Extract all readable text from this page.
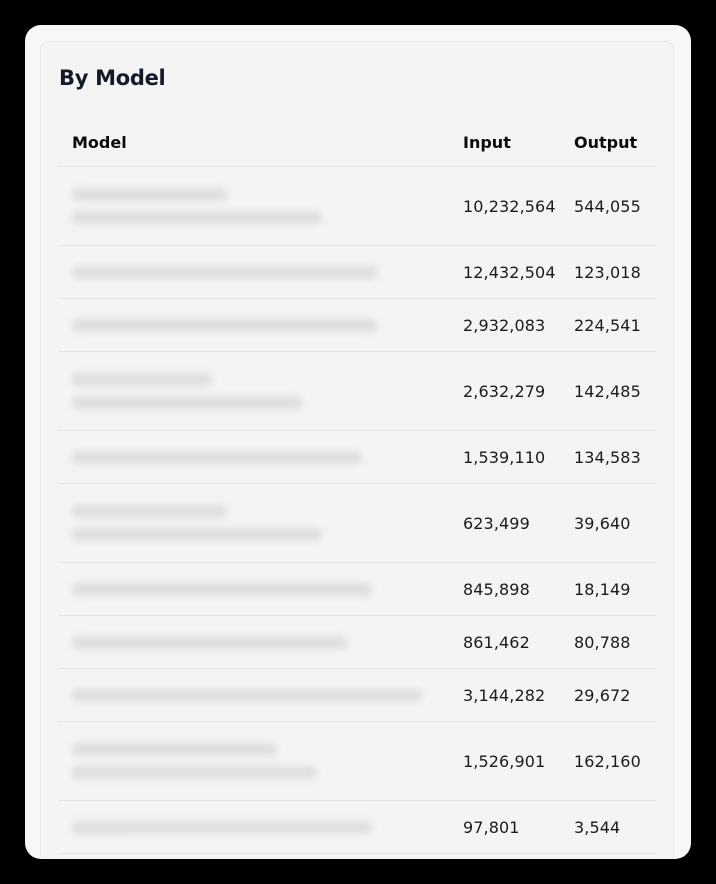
By Model
Model	Input	Output

	10,232,564	544,055

	12,432,504	123,018

	2,932,083	224,541

	2,632,279	142,485

	1,539,110	134,583

	623,499	39,640

	845,898	18,149

	861,462	80,788

	3,144,282	29,672

	1,526,901	162,160

	97,801	3,544
